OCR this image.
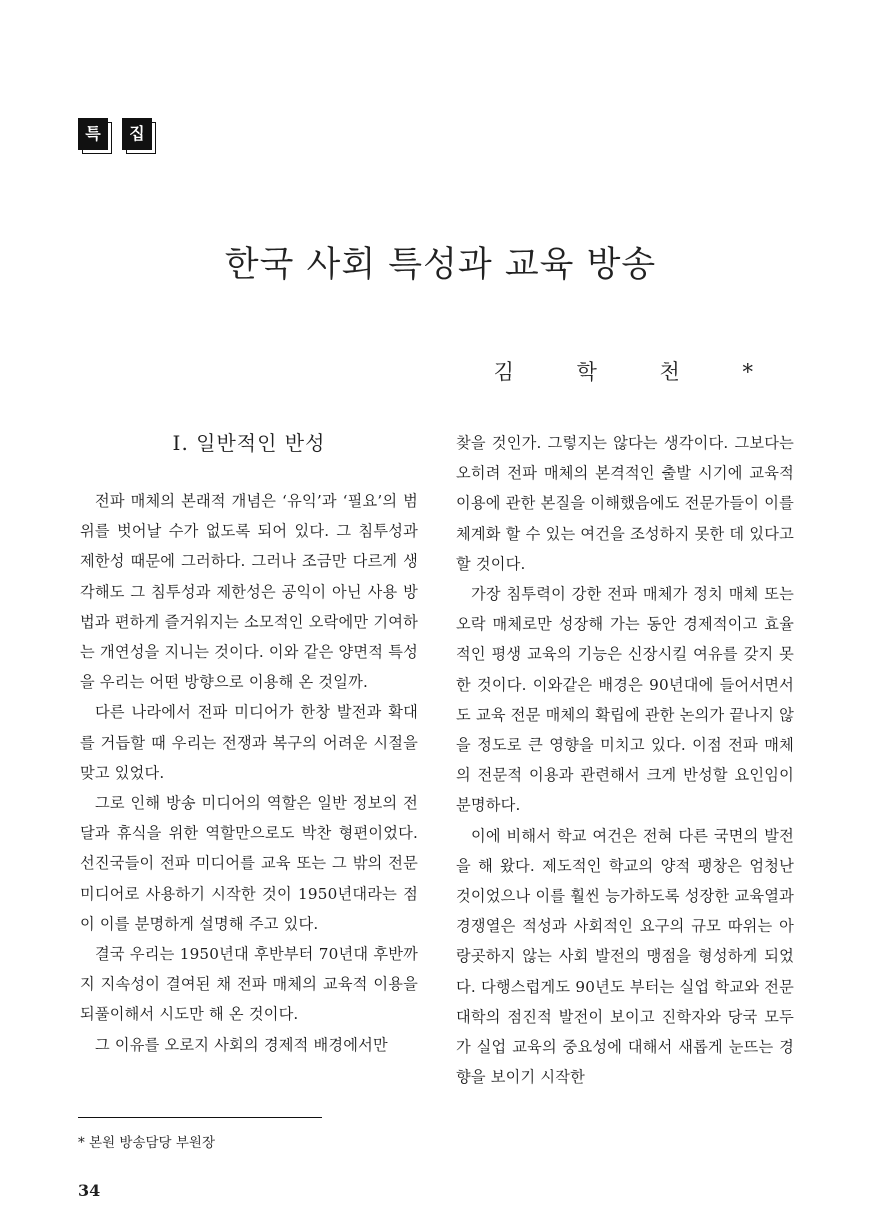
특	집
한국 사회 특성과 교육 방송
김 학 천 *
Ⅰ. 일반적인 반성

전파 매체의 본래적 개념은 ‘유익’과 ‘필요’의 범위를 벗어날 수가 없도록 되어 있다. 그 침투성과 제한성 때문에 그러하다. 그러나 조금만 다르게 생각해도 그 침투성과 제한성은 공익이 아닌 사용 방법과 편하게 즐거워지는 소모적인 오락에만 기여하는 개연성을 지니는 것이다. 이와 같은 양면적 특성을 우리는 어떤 방향으로 이용해 온 것일까.

다른 나라에서 전파 미디어가 한창 발전과 확대를 거듭할 때 우리는 전쟁과 복구의 어려운 시절을 맞고 있었다.

그로 인해 방송 미디어의 역할은 일반 정보의 전달과 휴식을 위한 역할만으로도 박찬 형편이었다. 선진국들이 전파 미디어를 교육 또는 그 밖의 전문 미디어로 사용하기 시작한 것이 1950년대라는 점이 이를 분명하게 설명해 주고 있다.

결국 우리는 1950년대 후반부터 70년대 후반까지 지속성이 결여된 채 전파 매체의 교육적 이용을 되풀이해서 시도만 해 온 것이다.

그 이유를 오로지 사회의 경제적 배경에서만

찾을 것인가. 그렇지는 않다는 생각이다. 그보다는 오히려 전파 매체의 본격적인 출발 시기에 교육적 이용에 관한 본질을 이해했음에도 전문가들이 이를 체계화 할 수 있는 여건을 조성하지 못한 데 있다고 할 것이다.

가장 침투력이 강한 전파 매체가 정치 매체 또는 오락 매체로만 성장해 가는 동안 경제적이고 효율적인 평생 교육의 기능은 신장시킬 여유를 갖지 못한 것이다. 이와같은 배경은 90년대에 들어서면서도 교육 전문 매체의 확립에 관한 논의가 끝나지 않을 정도로 큰 영향을 미치고 있다. 이점 전파 매체의 전문적 이용과 관련해서 크게 반성할 요인임이 분명하다.

이에 비해서 학교 여건은 전혀 다른 국면의 발전을 해 왔다. 제도적인 학교의 양적 팽창은 엄청난 것이었으나 이를 훨씬 능가하도록 성장한 교육열과 경쟁열은 적성과 사회적인 요구의 규모 따위는 아랑곳하지 않는 사회 발전의 맹점을 형성하게 되었다. 다행스럽게도 90년도 부터는 실업 학교와 전문 대학의 점진적 발전이 보이고 진학자와 당국 모두가 실업 교육의 중요성에 대해서 새롭게 눈뜨는 경향을 보이기 시작한

* 본원 방송담당 부원장
34
